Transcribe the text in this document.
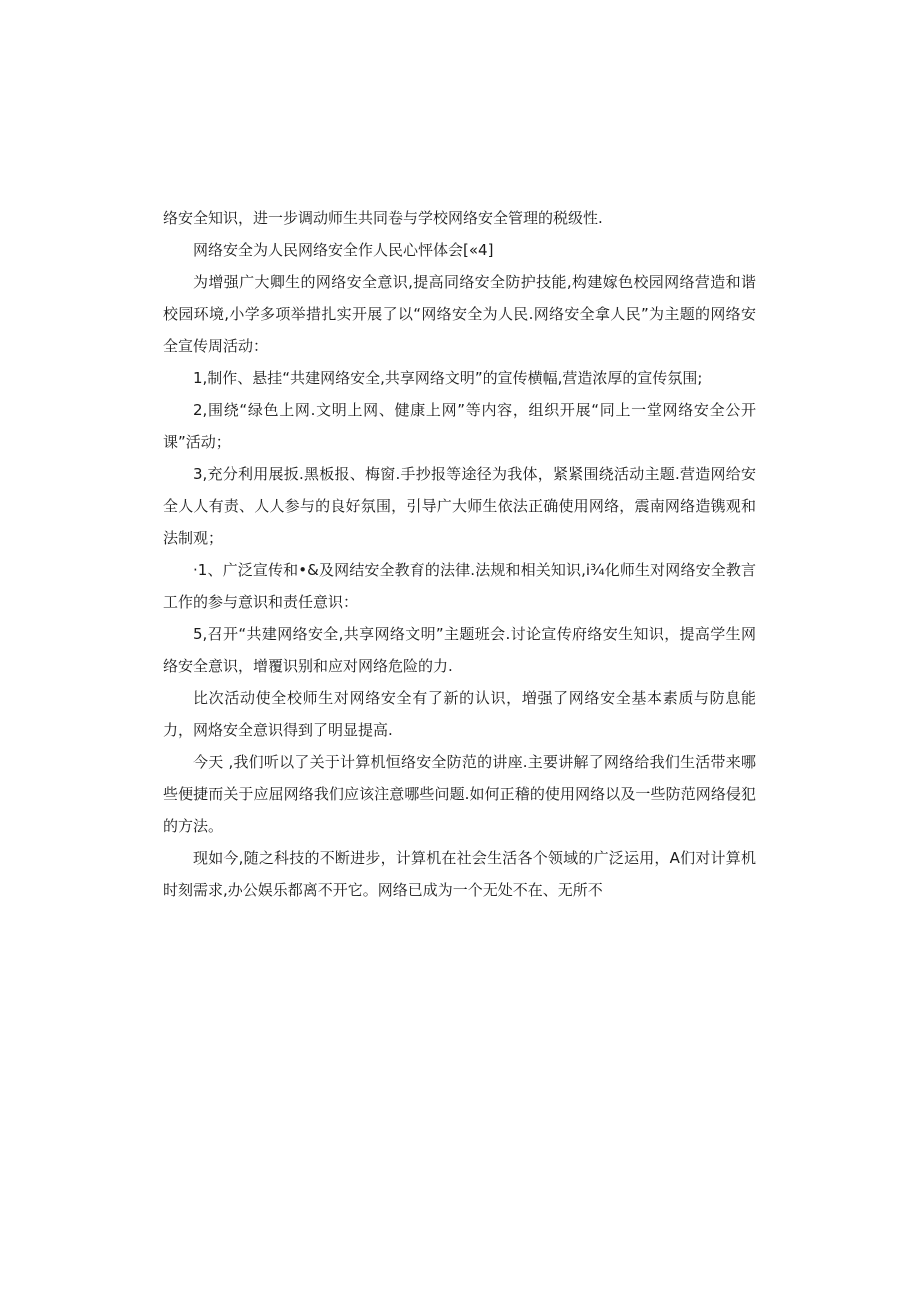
络安全知识，进一步调动师生共同卷与学校网络安全管理的税级性.

网络安全为人民网络安全作人民心怦体会[«4]

为增强广大卿生的网络安全意识,提高同络安全防护技能,构建嫁色校园网络营造和谐校园环境,小学多项举措扎实开展了以“网络安全为人民.网络安全拿人民”为主题的网络安全宣传周活动：

1,制作、悬挂“共建网络安全,共享网络文明”的宣传横幅,营造浓厚的宣传氛围;

2,围绕“绿色上网.文明上网、健康上网”等内容，组织开展“同上一堂网络安全公开课”活动；

3,充分利用展扳.黑板报、梅窗.手抄报等途径为我体，紧紧围绕活动主题.营造网给安全人人有责、人人参与的良好氛围，引导广大师生依法正确使用网络，震南网络造镌观和法制观；

·1、广泛宣传和•&及网结安全教育的法律.法规和相关知识,i¾化师生对网络安全教言工作的参与意识和责任意识：

5,召开“共建网络安全,共享网络文明”主题班会.讨论宣传府络安生知识，提高学生网络安全意识，增覆识别和应对网络危险的力.

比次活动使全校师生对网络安全有了新的认识，増强了网络安全基本素质与防息能力，网烙安全意识得到了明显提高.

今天 ,我们听以了关于计算机恒络安全防范的讲座.主要讲解了网络给我们生活带来哪些便捷而关于应屈网络我们应该注意哪些问题.如何正稽的使用网络以及一些防范网络侵犯的方法。

现如今,随之科技的不断进步，计算机在社会生活各个领域的广泛运用，A们对计算机时刻需求,办公娱乐都离不开它。网络已成为一个无处不在、无所不
